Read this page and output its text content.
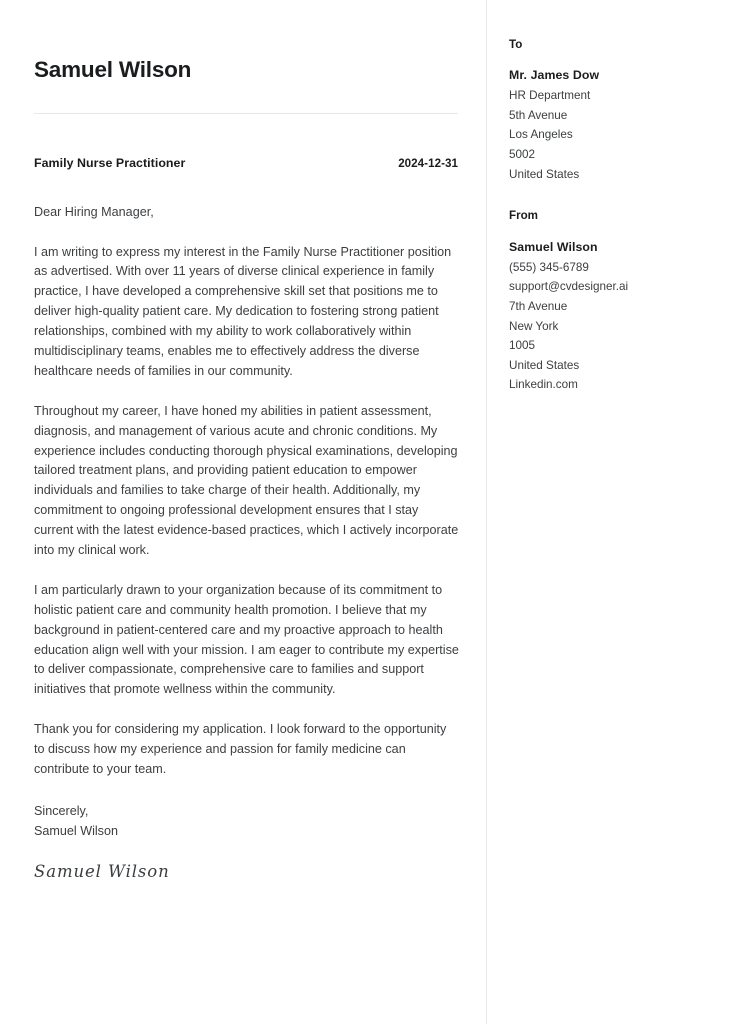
Samuel Wilson
Family Nurse Practitioner	2024-12-31
Dear Hiring Manager,

I am writing to express my interest in the Family Nurse Practitioner position as advertised. With over 11 years of diverse clinical experience in family practice, I have developed a comprehensive skill set that positions me to deliver high-quality patient care. My dedication to fostering strong patient relationships, combined with my ability to work collaboratively within multidisciplinary teams, enables me to effectively address the diverse healthcare needs of families in our community.

Throughout my career, I have honed my abilities in patient assessment, diagnosis, and management of various acute and chronic conditions. My experience includes conducting thorough physical examinations, developing tailored treatment plans, and providing patient education to empower individuals and families to take charge of their health. Additionally, my commitment to ongoing professional development ensures that I stay current with the latest evidence-based practices, which I actively incorporate into my clinical work.

I am particularly drawn to your organization because of its commitment to holistic patient care and community health promotion. I believe that my background in patient-centered care and my proactive approach to health education align well with your mission. I am eager to contribute my expertise to deliver compassionate, comprehensive care to families and support initiatives that promote wellness within the community.

Thank you for considering my application. I look forward to the opportunity to discuss how my experience and passion for family medicine can contribute to your team.

Sincerely,
Samuel Wilson
Samuel Wilson
To
Mr. James Dow
HR Department
5th Avenue
Los Angeles
5002
United States
From
Samuel Wilson
(555) 345-6789
support@cvdesigner.ai
7th Avenue
New York
1005
United States
Linkedin.com
